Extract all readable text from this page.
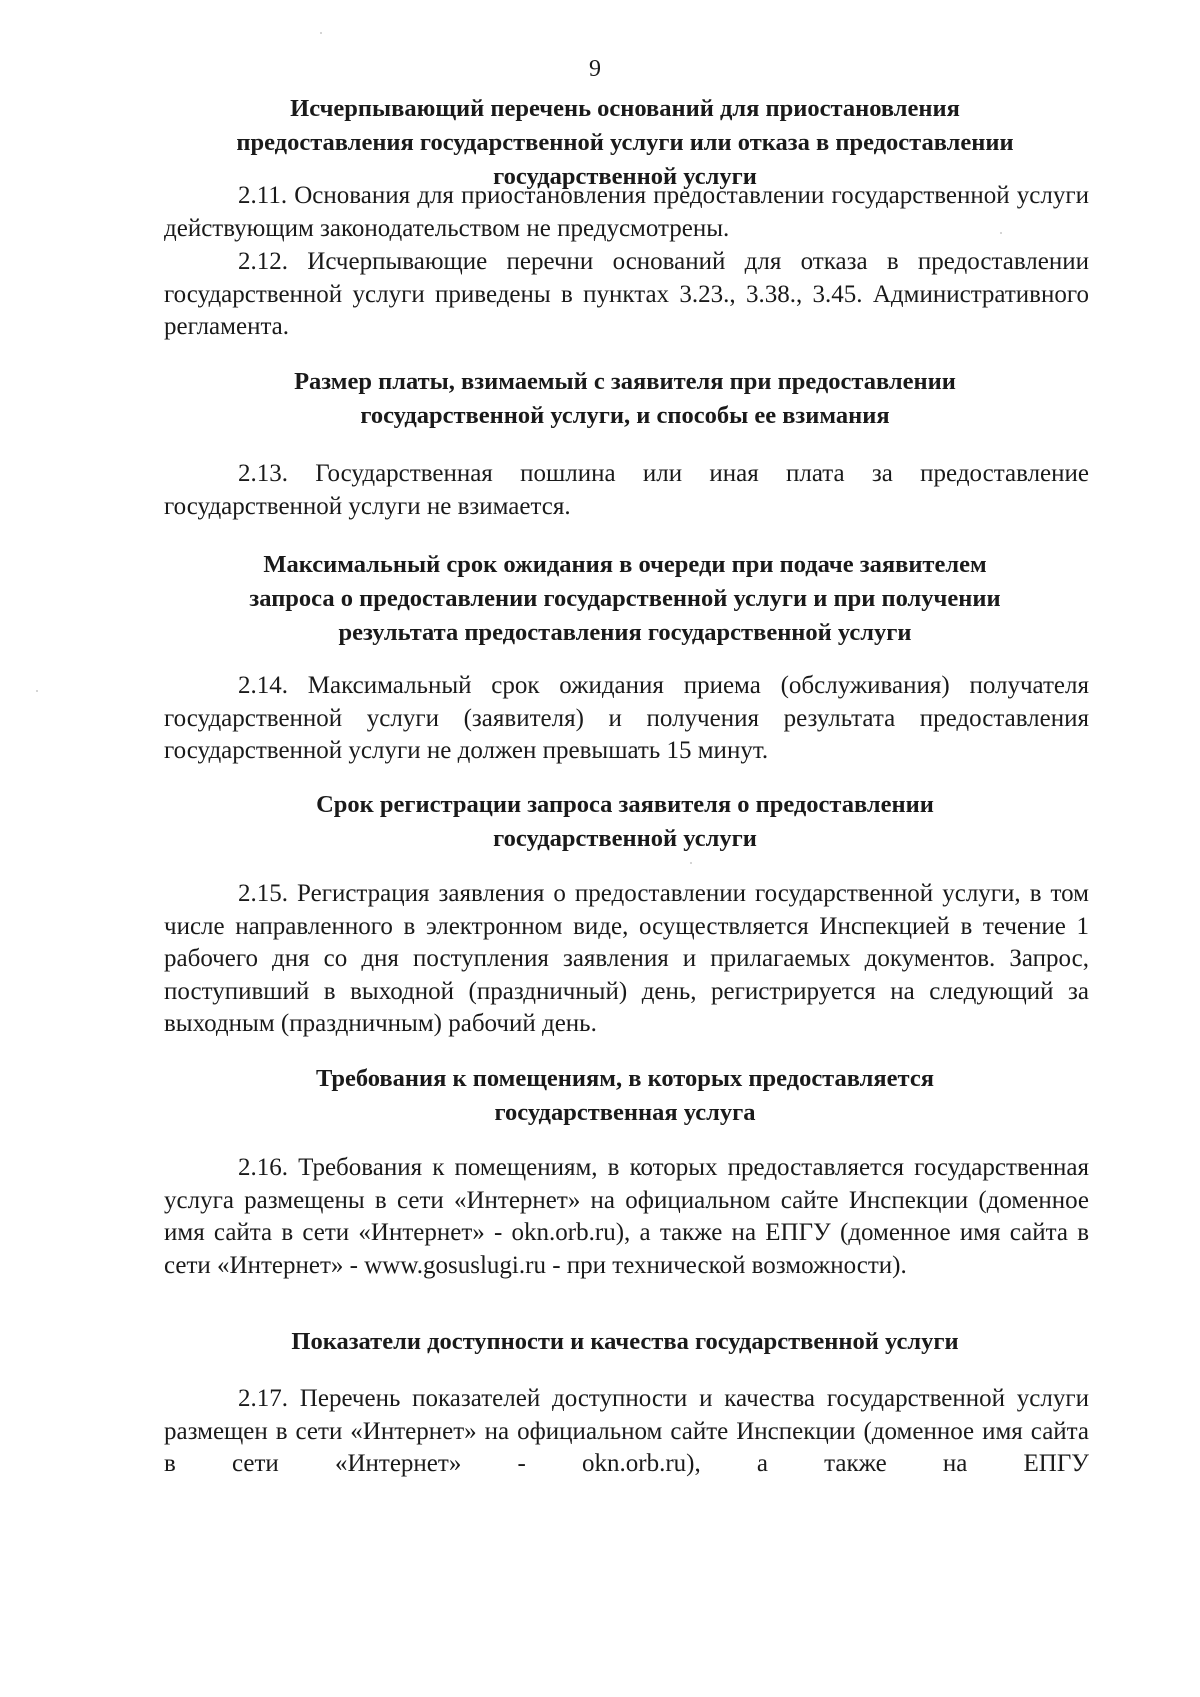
9
Исчерпывающий перечень оснований для приостановления
предоставления государственной услуги или отказа в предоставлении
государственной услуги

2.11. Основания для приостановления предоставлении государственной услуги действующим законодательством не предусмотрены.

2.12. Исчерпывающие перечни оснований для отказа в предоставлении государственной услуги приведены в пунктах 3.23., 3.38., 3.45. Административного регламента.

Размер платы, взимаемый с заявителя при предоставлении
государственной услуги, и способы ее взимания

2.13. Государственная пошлина или иная плата за предоставление государственной услуги не взимается.

Максимальный срок ожидания в очереди при подаче заявителем
запроса о предоставлении государственной услуги и при получении
результата предоставления государственной услуги

2.14. Максимальный срок ожидания приема (обслуживания) получателя государственной услуги (заявителя) и получения результата предоставления государственной услуги не должен превышать 15 минут.

Срок регистрации запроса заявителя о предоставлении
государственной услуги

2.15. Регистрация заявления о предоставлении государственной услуги, в том числе направленного в электронном виде, осуществляется Инспекцией в течение 1 рабочего дня со дня поступления заявления и прилагаемых документов. Запрос, поступивший в выходной (праздничный) день, регистрируется на следующий за выходным (праздничным) рабочий день.

Требования к помещениям, в которых предоставляется
государственная услуга

2.16. Требования к помещениям, в которых предоставляется государственная услуга размещены в сети «Интернет» на официальном сайте Инспекции (доменное имя сайта в сети «Интернет» - okn.orb.ru), а также на ЕПГУ (доменное имя сайта в сети «Интернет» - www.gosuslugi.ru - при технической возможности).

Показатели доступности и качества государственной услуги

2.17. Перечень показателей доступности и качества государственной услуги размещен в сети «Интернет» на официальном сайте Инспекции (доменное имя сайта в сети «Интернет» - okn.orb.ru), а также на ЕПГУ
